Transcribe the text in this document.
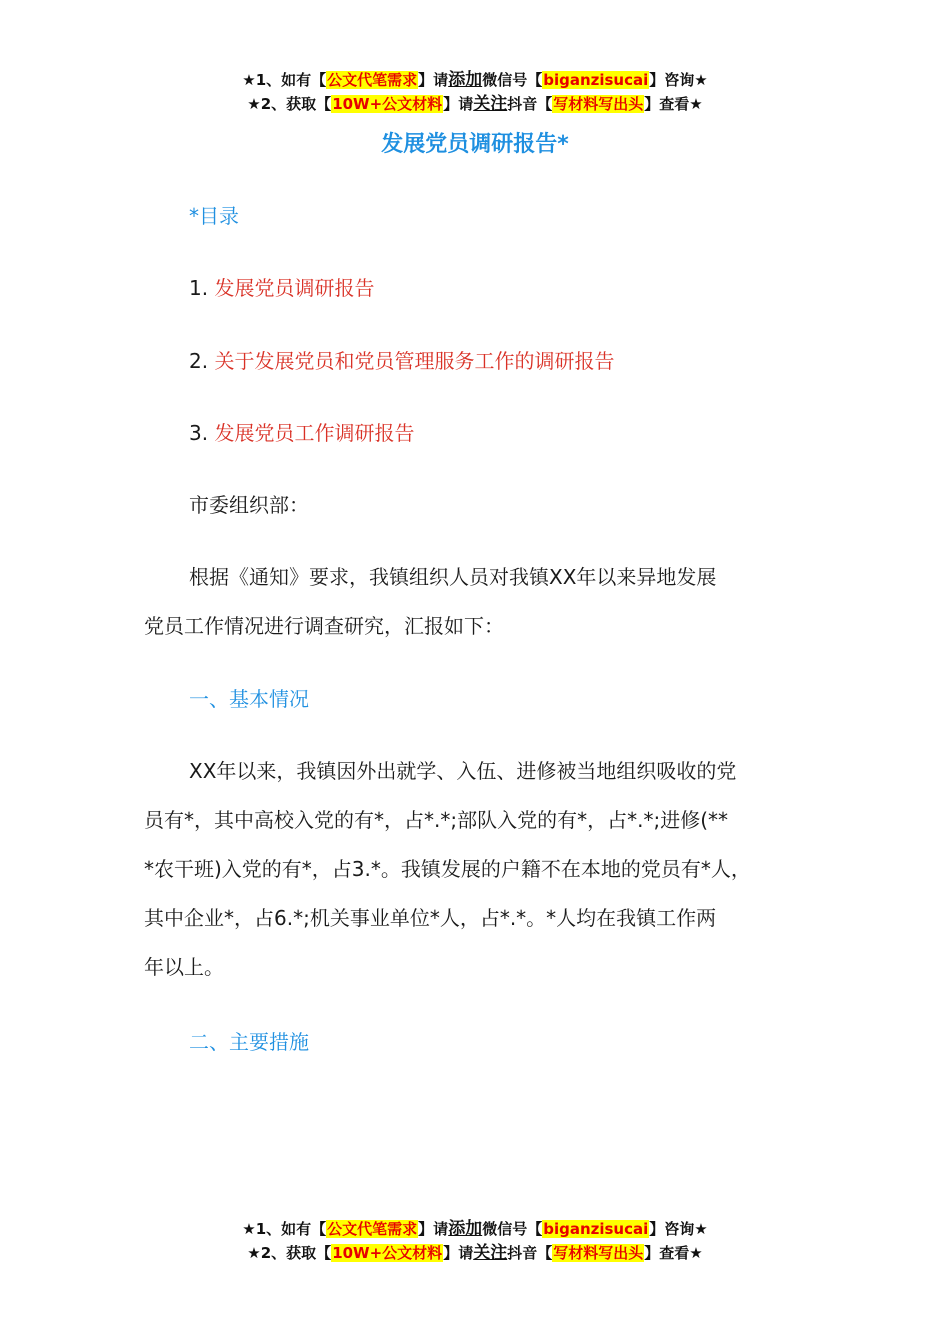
★1、如有【公文代笔需求】请添加微信号【biganzisucai】咨询★
★2、获取【10W+公文材料】请关注抖音【写材料写出头】查看★
发展党员调研报告*
*目录
1. 发展党员调研报告
2. 关于发展党员和党员管理服务工作的调研报告
3. 发展党员工作调研报告
市委组织部：
根据《通知》要求，我镇组织人员对我镇XX年以来异地发展
党员工作情况进行调查研究，汇报如下：
一、基本情况
XX年以来，我镇因外出就学、入伍、进修被当地组织吸收的党
员有*，其中高校入党的有*，占*.*;部队入党的有*，占*.*;进修(**
*农干班)入党的有*，占3.*。我镇发展的户籍不在本地的党员有*人，
其中企业*，占6.*;机关事业单位*人，占*.*。*人均在我镇工作两
年以上。
二、主要措施
★1、如有【公文代笔需求】请添加微信号【biganzisucai】咨询★
★2、获取【10W+公文材料】请关注抖音【写材料写出头】查看★
